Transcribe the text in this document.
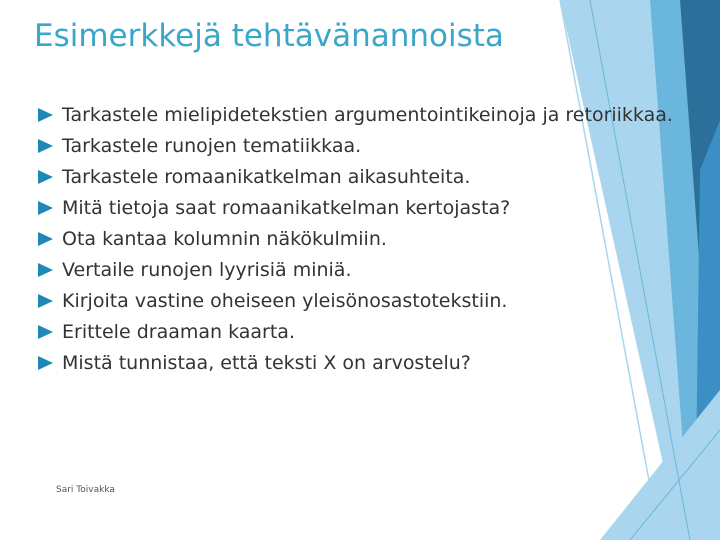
Esimerkkejä tehtävänannoista
Tarkastele mielipidetekstien argumentointikeinoja ja retoriikkaa.
Tarkastele runojen tematiikkaa.
Tarkastele romaanikatkelman aikasuhteita.
Mitä tietoja saat romaanikatkelman kertojasta?
Ota kantaa kolumnin näkökulmiin.
Vertaile runojen lyyrisiä miniä.
Kirjoita vastine oheiseen yleisönosastotekstiin.
Erittele draaman kaarta.
Mistä tunnistaa, että teksti X on arvostelu?
Sari Toivakka
